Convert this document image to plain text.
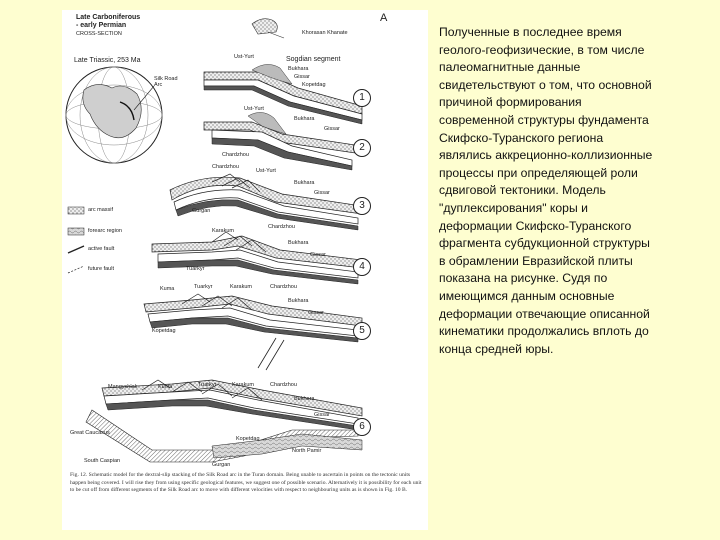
Late Carboniferous
- early Permian
CROSS-SECTION
A
Khorasan Khanate
Late Triassic, 253 Ma
Silk Road
Arc
arc massif
forearc region
active fault
future fault
1
2
3
4
5
6
Ust-Yurt	Sogdian segment
Bukhara
Gissar
Kopetdag
Ust-Yurt
Bukhara
Gissar
Chardzhou
Chardzhou
Ust-Yurt
Bukhara
Gissar
Gurgan
Karakum
Chardzhou
Bukhara
Gissar
Tuarkyr
Kuma	Tuarkyr	Karakum	Chardzhou
Bukhara
Gissar
Kopetdag
Mangyshlak	Kuma	Tuarkyr	Karakum	Chardzhou
Bukhara
Gissar
Great Caucasus
Kopetdag
North Pamir
South Caspian
Gurgan
Fig. 12. Schematic model for the dextral-slip stacking of the Silk Road arc in the Turan domain. Being unable to ascertain in points on the tectonic units happen being covered. I will rise they from using specific geological features, we suggest one of possible scenario. Alternatively it is possibility for each unit to be cut off from different segments of the Silk Road arc to move with different velocities with respect to neighbouring units as is shown in Fig. 10 B.
Полученные в последнее время
геолого-геофизические, в том числе
палеомагнитные данные
свидетельствуют о том, что основной
причиной формирования
современной структуры фундамента
Скифско-Туранского региона
являлись аккреционно-коллизионные
процессы при определяющей роли
сдвиговой тектоники. Модель
"дуплексирования" коры и
деформации Скифско-Туранского
фрагмента субдукционной структуры
в обрамлении Евразийской плиты
показана на рисунке. Судя по
имеющимся данным основные
деформации отвечающие описанной
кинематики продолжались вплоть до
конца средней юры.
